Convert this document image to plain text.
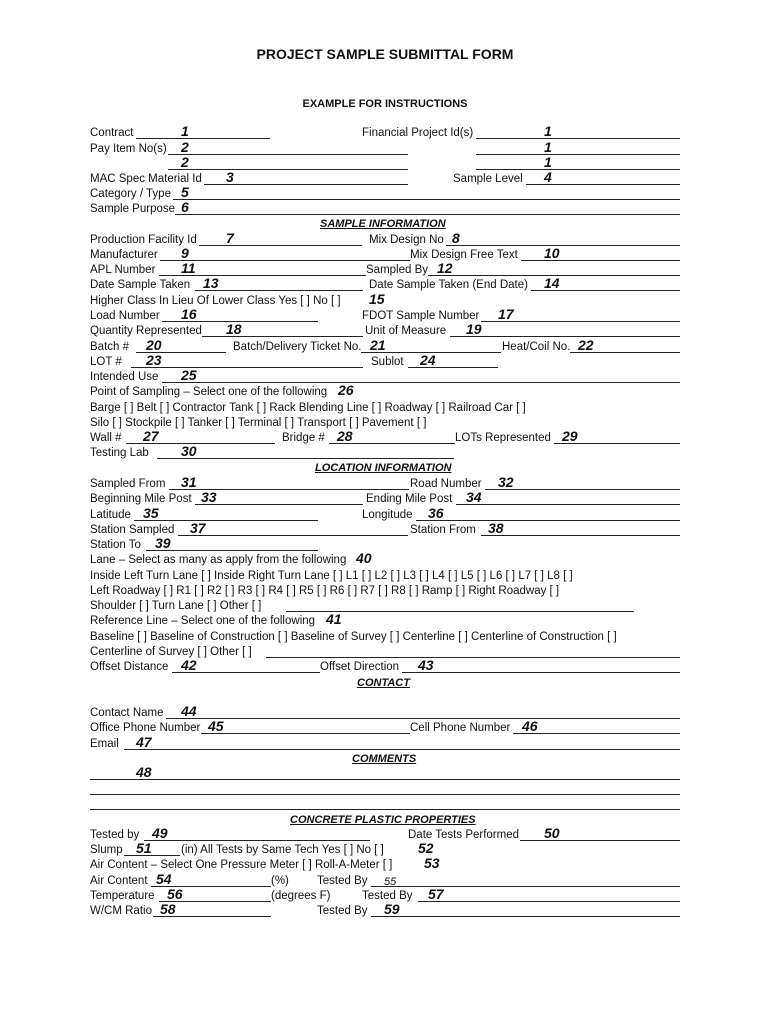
PROJECT SAMPLE SUBMITTAL FORM
EXAMPLE FOR INSTRUCTIONS
Contract	1	Financial Project Id(s)	1
Pay Item No(s) 2	1
2	1
MAC Spec Material Id 3	Sample Level 4
Category / Type 5
Sample Purpose 6
SAMPLE INFORMATION
Production Facility Id 7	Mix Design No 8
Manufacturer 9	Mix Design Free Text 10
APL Number 11	Sampled By 12
Date Sample Taken 13	Date Sample Taken (End Date) 14
Higher Class In Lieu Of Lower Class Yes [ ] No [ ] 15
Load Number 16	FDOT Sample Number 17
Quantity Represented 18	Unit of Measure 19
Batch # 20	Batch/Delivery Ticket No. 21	Heat/Coil No. 22
LOT # 23	Sublot 24
Intended Use 25
Point of Sampling – Select one of the following 26
Barge [ ] Belt [ ] Contractor Tank [ ] Rack Blending Line [ ] Roadway [ ] Railroad Car [ ]
Silo [ ] Stockpile [ ] Tanker [ ] Terminal [ ] Transport [ ] Pavement [ ]
Wall # 27	Bridge # 28	LOTs Represented 29
Testing Lab 30
LOCATION INFORMATION
Sampled From 31	Road Number 32
Beginning Mile Post 33	Ending Mile Post 34
Latitude 35	Longitude 36
Station Sampled 37	Station From 38
Station To 39
Lane – Select as many as apply from the following 40
Inside Left Turn Lane [ ] Inside Right Turn Lane [ ] L1 [ ] L2 [ ] L3 [ ] L4 [ ] L5 [ ] L6 [ ] L7 [ ] L8 [ ]
Left Roadway [ ] R1 [ ] R2 [ ] R3 [ ] R4 [ ] R5 [ ] R6 [ ] R7 [ ] R8 [ ] Ramp [ ] Right Roadway [ ]
Shoulder [ ] Turn Lane [ ] Other [ ]
Reference Line – Select one of the following 41
Baseline [ ] Baseline of Construction [ ] Baseline of Survey [ ] Centerline [ ] Centerline of Construction [ ]
Centerline of Survey [ ] Other [ ]
Offset Distance 42	Offset Direction 43
CONTACT
Contact Name 44
Office Phone Number 45	Cell Phone Number 46
Email 47
COMMENTS
48
CONCRETE PLASTIC PROPERTIES
Tested by 49	Date Tests Performed 50
Slump 51	(in) All Tests by Same Tech Yes [ ] No [ ] 52
Air Content – Select One Pressure Meter [ ] Roll-A-Meter [ ] 53
Air Content 54	(%) Tested By 55
Temperature 56	(degrees F)	Tested By 57
W/CM Ratio 58	Tested By 59
